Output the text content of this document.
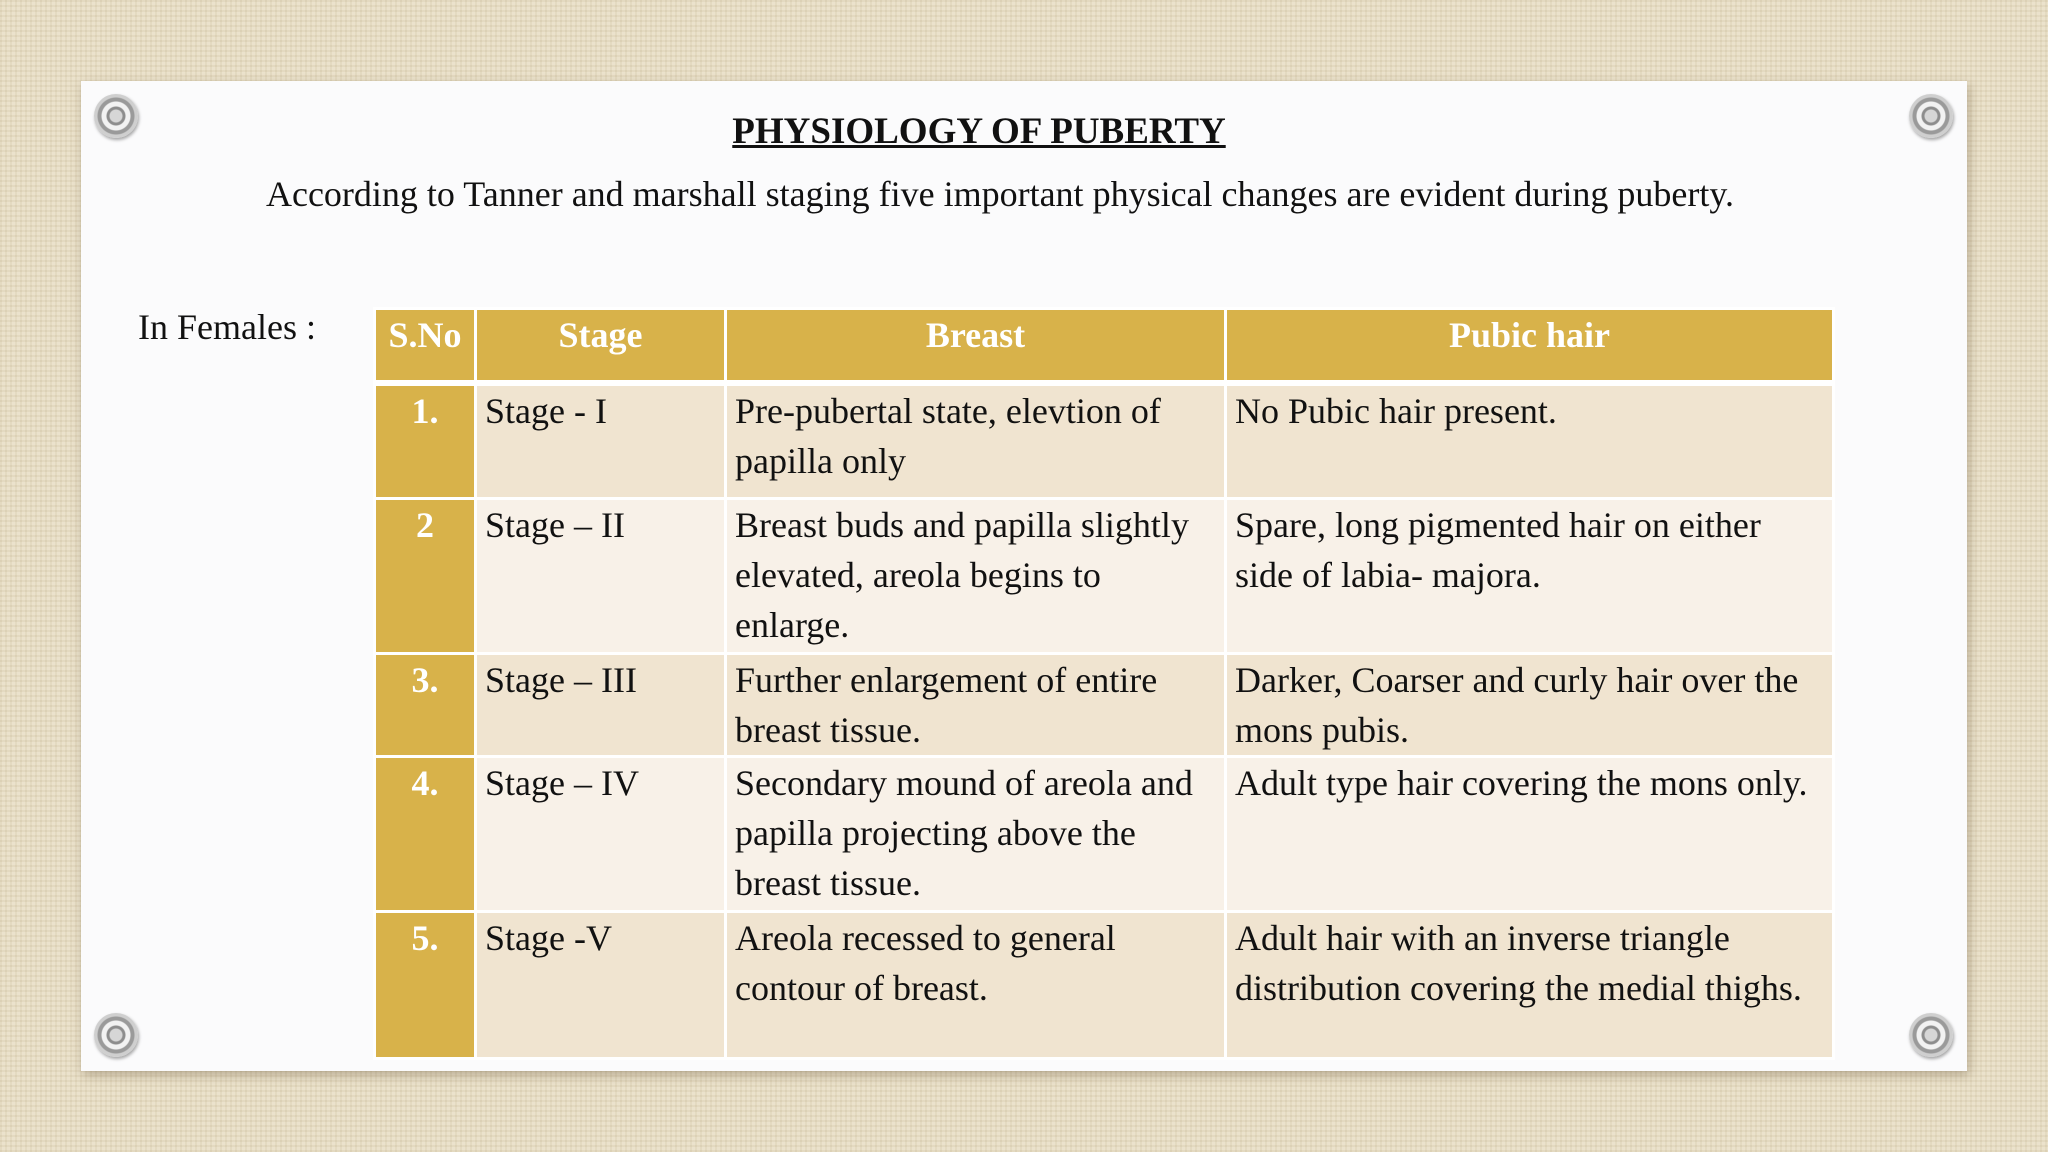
PHYSIOLOGY OF PUBERTY
According to Tanner and marshall staging five important physical changes are evident during puberty.
In Females : S.No	Stage	Breast	Pubic hair
1.	Stage - I	Pre-pubertal state, elevtion of papilla only	No Pubic hair present.
2	Stage – II	Breast buds and papilla slightly elevated, areola begins to enlarge.	Spare, long pigmented hair on either side of labia- majora.
3.	Stage – III	Further enlargement of entire breast tissue.	Darker, Coarser and curly hair over the mons pubis.
4.	Stage – IV	Secondary mound of areola and papilla projecting above the breast tissue.	Adult type hair covering the mons only.
5.	Stage -V	Areola recessed to general contour of breast.	Adult hair with an inverse triangle distribution covering the medial thighs.
